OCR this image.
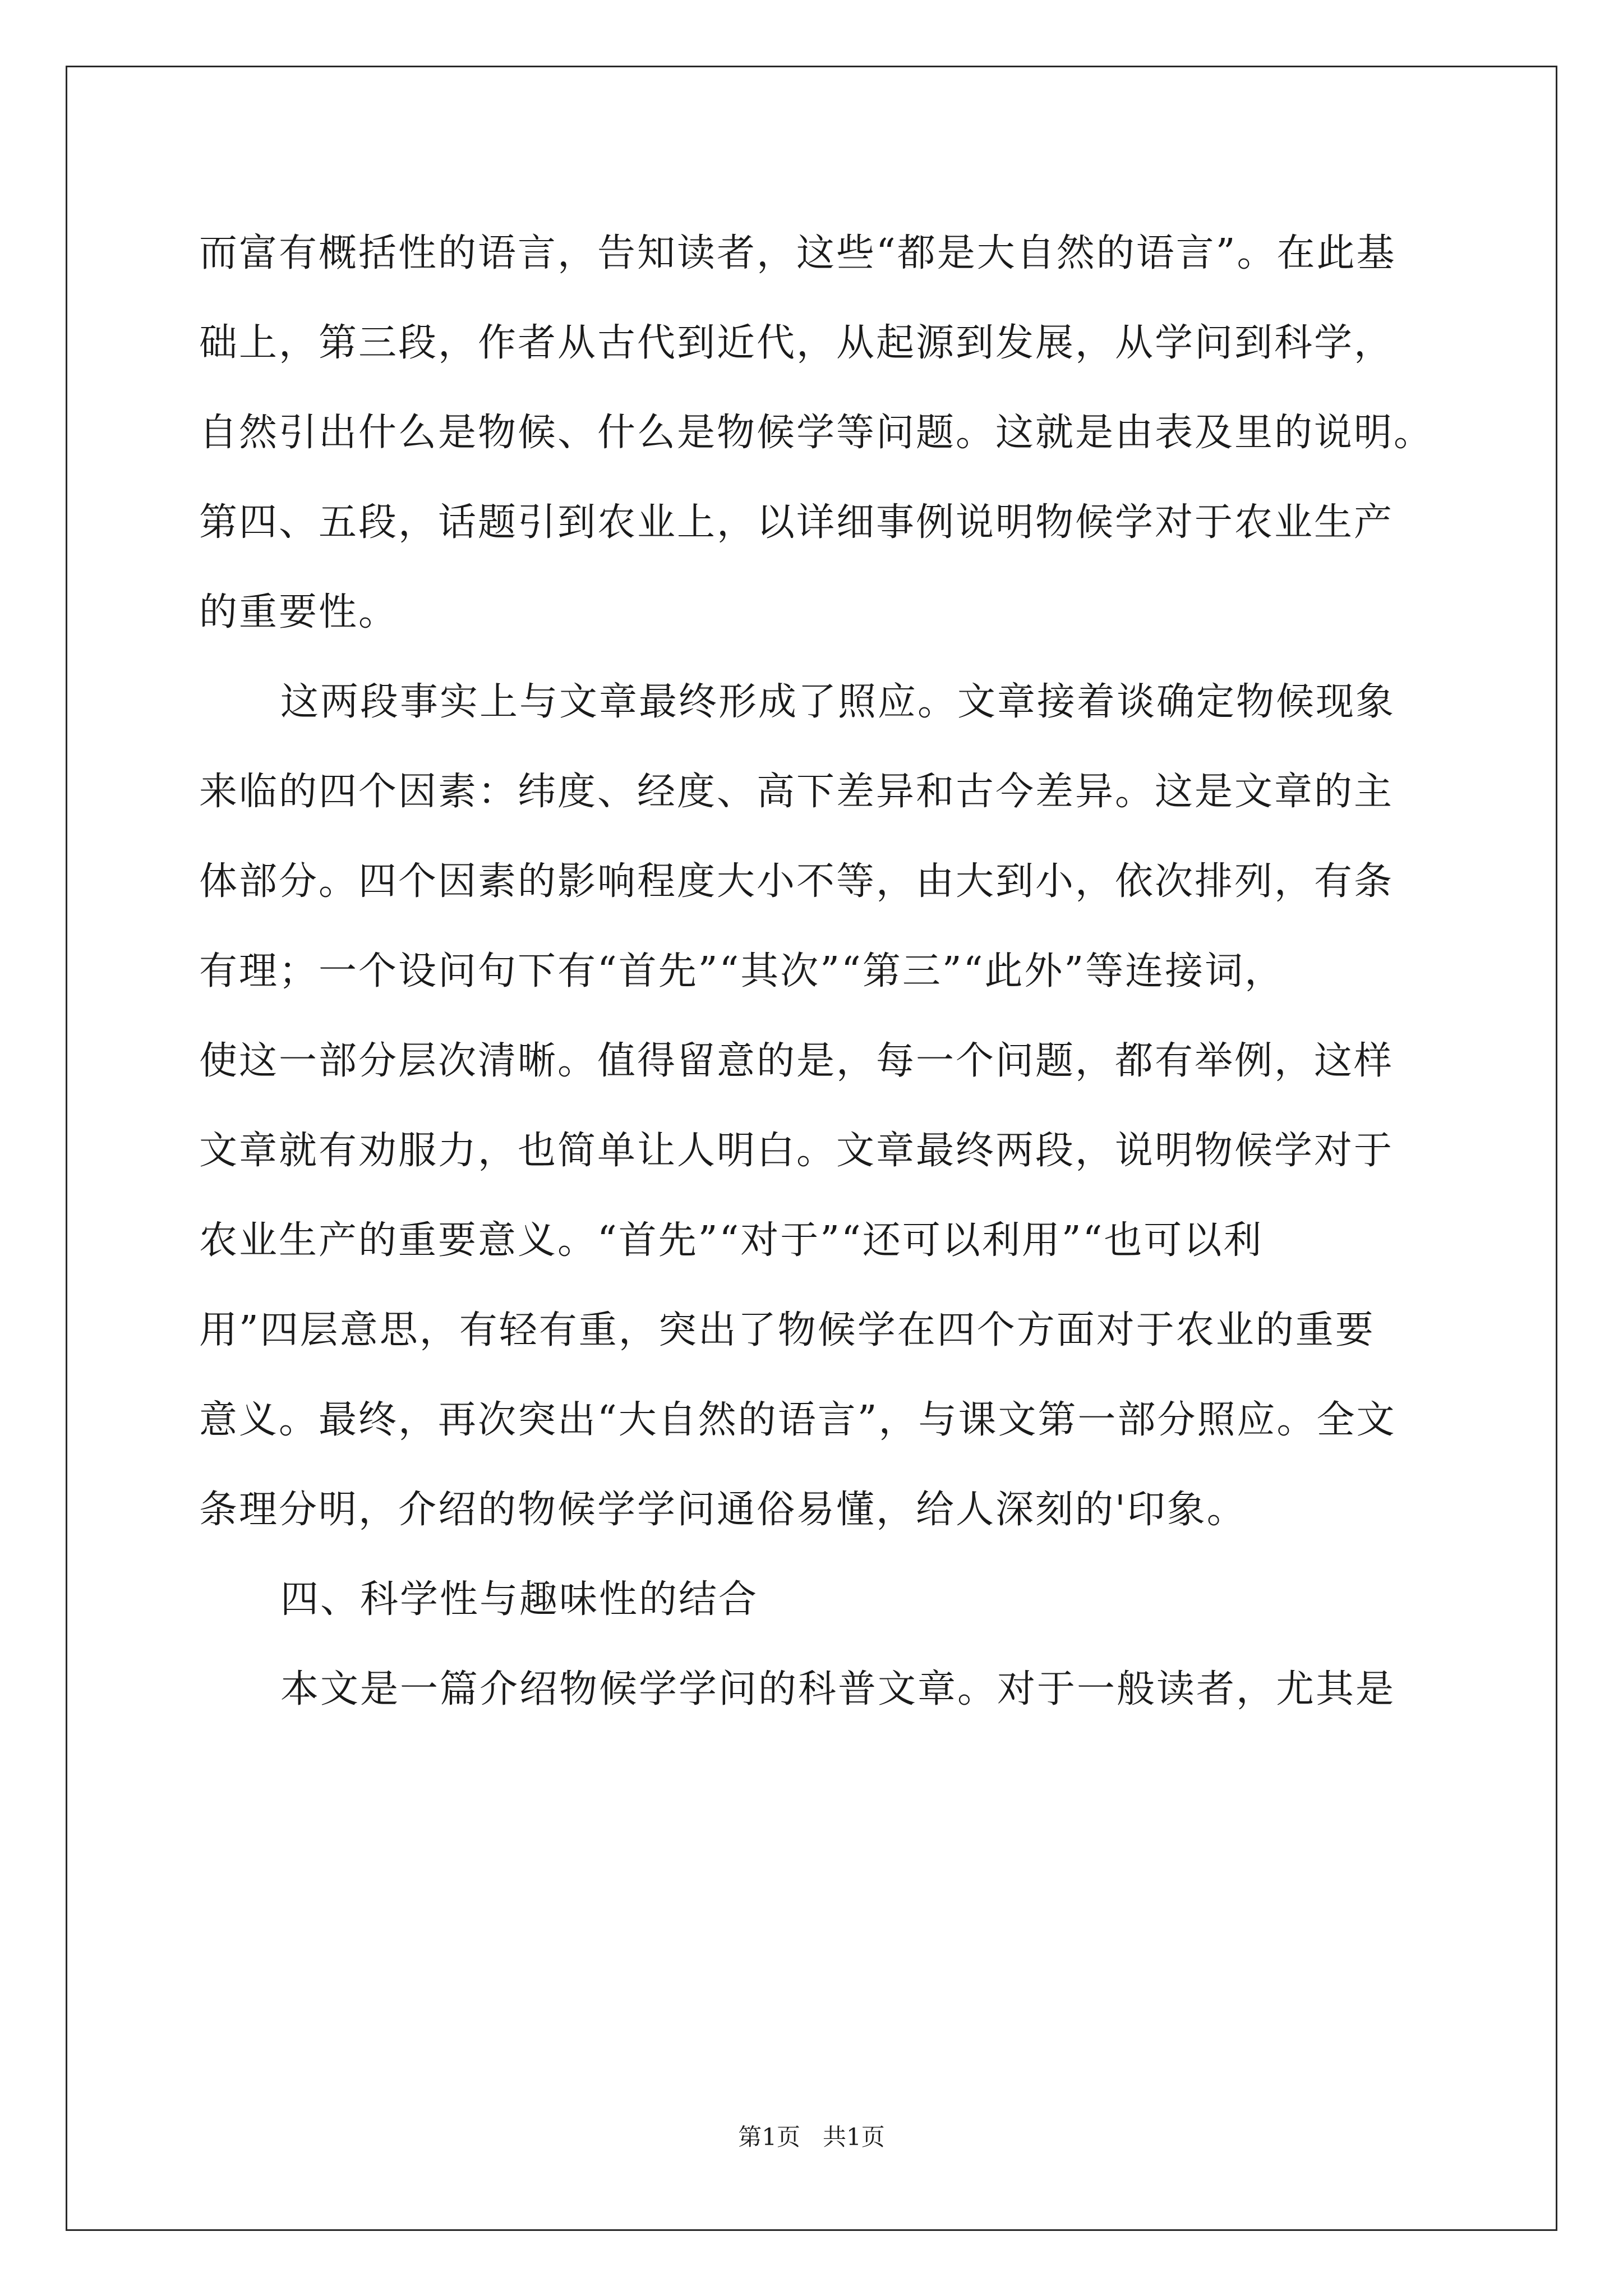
而富有概括性的语言，告知读者，这些“都是大自然的语言”。在此基
础上，第三段，作者从古代到近代，从起源到发展，从学问到科学，
自然引出什么是物候、什么是物候学等问题。这就是由表及里的说明。
第四、五段，话题引到农业上，以详细事例说明物候学对于农业生产
的重要性。
这两段事实上与文章最终形成了照应。文章接着谈确定物候现象
来临的四个因素：纬度、经度、高下差异和古今差异。这是文章的主
体部分。四个因素的影响程度大小不等，由大到小，依次排列，有条
有理；一个设问句下有“首先”“其次”“第三”“此外”等连接词，
使这一部分层次清晰。值得留意的是，每一个问题，都有举例，这样
文章就有劝服力，也简单让人明白。文章最终两段，说明物候学对于
农业生产的重要意义。“首先”“对于”“还可以利用”“也可以利
用”四层意思，有轻有重，突出了物候学在四个方面对于农业的重要
意义。最终，再次突出“大自然的语言”，与课文第一部分照应。全文
条理分明，介绍的物候学学问通俗易懂，给人深刻的'印象。
四、科学性与趣味性的结合
本文是一篇介绍物候学学问的科普文章。对于一般读者，尤其是
第1页   共1页
